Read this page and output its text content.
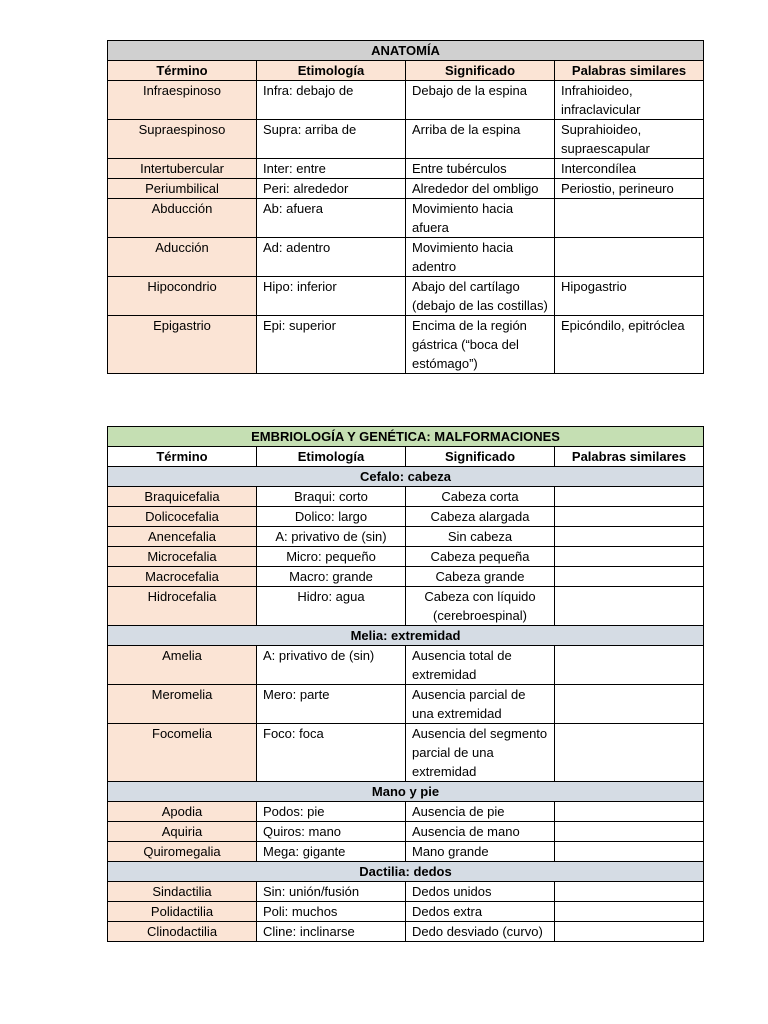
ANATOMÍA			
Término	Etimología	Significado	Palabras similares
Infraespinoso	Infra: debajo de	Debajo de la espina	Infrahioideo, infraclavicular
Supraespinoso	Supra: arriba de	Arriba de la espina	Suprahioideo, supraescapular
Intertubercular	Inter: entre	Entre tubérculos	Intercondílea
Periumbilical	Peri: alrededor	Alrededor del ombligo	Periostio, perineuro
Abducción	Ab: afuera	Movimiento hacia afuera	
Aducción	Ad: adentro	Movimiento hacia adentro	
Hipocondrio	Hipo: inferior	Abajo del cartílago (debajo de las costillas)	Hipogastrio
Epigastrio	Epi: superior	Encima de la región gástrica (“boca del estómago”)	Epicóndilo, epitróclea
EMBRIOLOGÍA Y GENÉTICA: MALFORMACIONES			
Término	Etimología	Significado	Palabras similares
Cefalo: cabeza			
Braquicefalia	Braqui: corto	Cabeza corta	
Dolicocefalia	Dolico: largo	Cabeza alargada	
Anencefalia	A: privativo de (sin)	Sin cabeza	
Microcefalia	Micro: pequeño	Cabeza pequeña	
Macrocefalia	Macro: grande	Cabeza grande	
Hidrocefalia	Hidro: agua	Cabeza con líquido (cerebroespinal)	
Melia: extremidad			
Amelia	A: privativo de (sin)	Ausencia total de extremidad	
Meromelia	Mero: parte	Ausencia parcial de una extremidad	
Focomelia	Foco: foca	Ausencia del segmento parcial de una extremidad	
Mano y pie			
Apodia	Podos: pie	Ausencia de pie	
Aquiria	Quiros: mano	Ausencia de mano	
Quiromegalia	Mega: gigante	Mano grande	
Dactilia: dedos			
Sindactilia	Sin: unión/fusión	Dedos unidos	
Polidactilia	Poli: muchos	Dedos extra	
Clinodactilia	Cline: inclinarse	Dedo desviado (curvo)	
